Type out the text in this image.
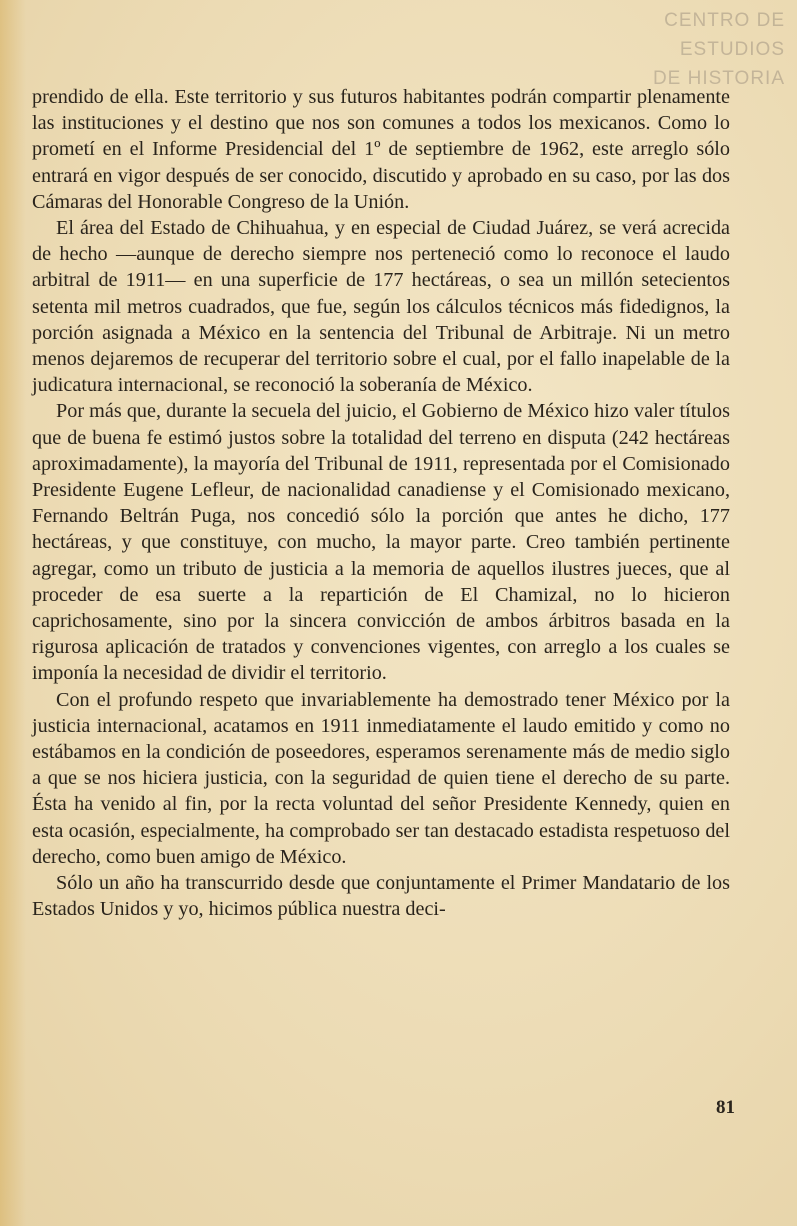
CENTRO DE
ESTUDIOS
DE HISTORIA

prendido de ella. Este territorio y sus futuros habitantes podrán compartir plenamente las instituciones y el destino que nos son comunes a todos los mexicanos. Como lo prometí en el Informe Presidencial del 1º de septiembre de 1962, este arreglo sólo entrará en vigor después de ser conocido, discutido y aprobado en su caso, por las dos Cámaras del Honorable Congreso de la Unión.

El área del Estado de Chihuahua, y en especial de Ciudad Juárez, se verá acrecida de hecho —aunque de derecho siempre nos perteneció como lo reconoce el laudo arbitral de 1911— en una superficie de 177 hectáreas, o sea un millón setecientos setenta mil metros cuadrados, que fue, según los cálculos técnicos más fidedignos, la porción asignada a México en la sentencia del Tribunal de Arbitraje. Ni un metro menos dejaremos de recuperar del territorio sobre el cual, por el fallo inapelable de la judicatura internacional, se reconoció la soberanía de México.

Por más que, durante la secuela del juicio, el Gobierno de México hizo valer títulos que de buena fe estimó justos sobre la totalidad del terreno en disputa (242 hectáreas aproximadamente), la mayoría del Tribunal de 1911, representada por el Comisionado Presidente Eugene Lefleur, de nacionalidad canadiense y el Comisionado mexicano, Fernando Beltrán Puga, nos concedió sólo la porción que antes he dicho, 177 hectáreas, y que constituye, con mucho, la mayor parte. Creo también pertinente agregar, como un tributo de justicia a la memoria de aquellos ilustres jueces, que al proceder de esa suerte a la repartición de El Chamizal, no lo hicieron caprichosamente, sino por la sincera convicción de ambos árbitros basada en la rigurosa aplicación de tratados y convenciones vigentes, con arreglo a los cuales se imponía la necesidad de dividir el territorio.

Con el profundo respeto que invariablemente ha demostrado tener México por la justicia internacional, acatamos en 1911 inmediatamente el laudo emitido y como no estábamos en la condición de poseedores, esperamos serenamente más de medio siglo a que se nos hiciera justicia, con la seguridad de quien tiene el derecho de su parte. Ésta ha venido al fin, por la recta voluntad del señor Presidente Kennedy, quien en esta ocasión, especialmente, ha comprobado ser tan destacado estadista respetuoso del derecho, como buen amigo de México.

Sólo un año ha transcurrido desde que conjuntamente el Primer Mandatario de los Estados Unidos y yo, hicimos pública nuestra deci-

81
